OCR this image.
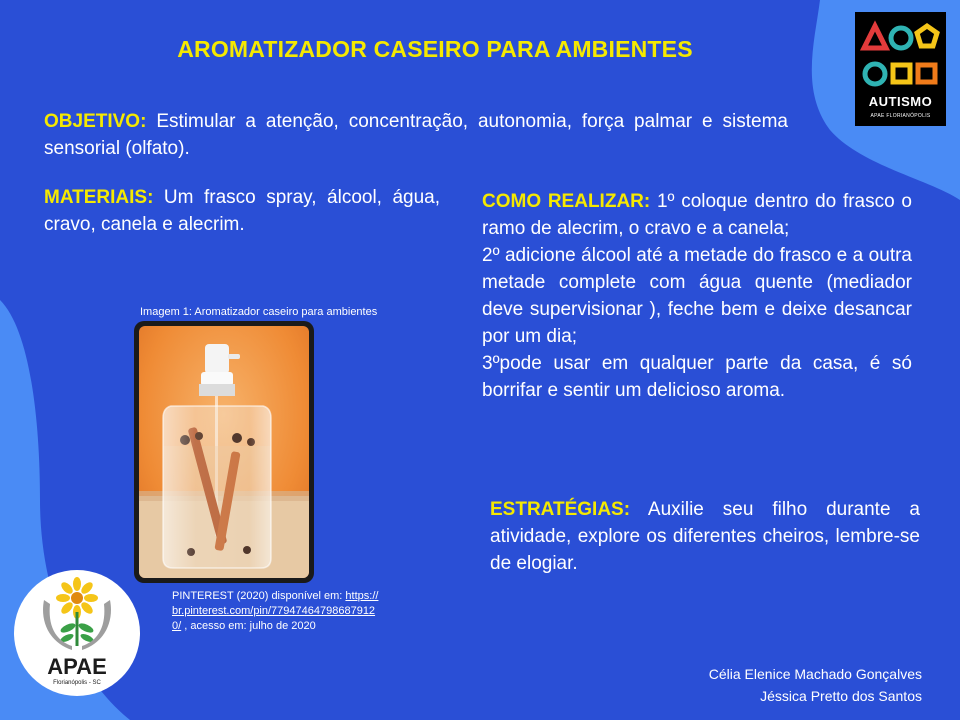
AROMATIZADOR CASEIRO PARA AMBIENTES
OBJETIVO: Estimular a atenção, concentração, autonomia, força palmar e sistema sensorial (olfato).
MATERIAIS: Um frasco spray, álcool, água, cravo, canela e alecrim.
COMO REALIZAR: 1º coloque dentro do frasco o ramo de alecrim, o cravo e a canela;
2º adicione álcool até a metade do frasco e a outra metade complete com água quente (mediador deve supervisionar ), feche bem e deixe desancar por um dia;
3ºpode usar em qualquer parte da casa, é só borrifar e sentir um delicioso aroma.
ESTRATÉGIAS: Auxilie seu filho durante a atividade, explore os diferentes cheiros, lembre-se de elogiar.
Imagem 1: Aromatizador caseiro para ambientes
PINTEREST (2020) disponível em: https://br.pinterest.com/pin/779474647986879120/ , acesso em: julho de 2020
Célia Elenice Machado Gonçalves
Jéssica Pretto dos Santos
AUTISMO
APAE FLORIANÓPOLIS
APAE
Florianópolis - SC
